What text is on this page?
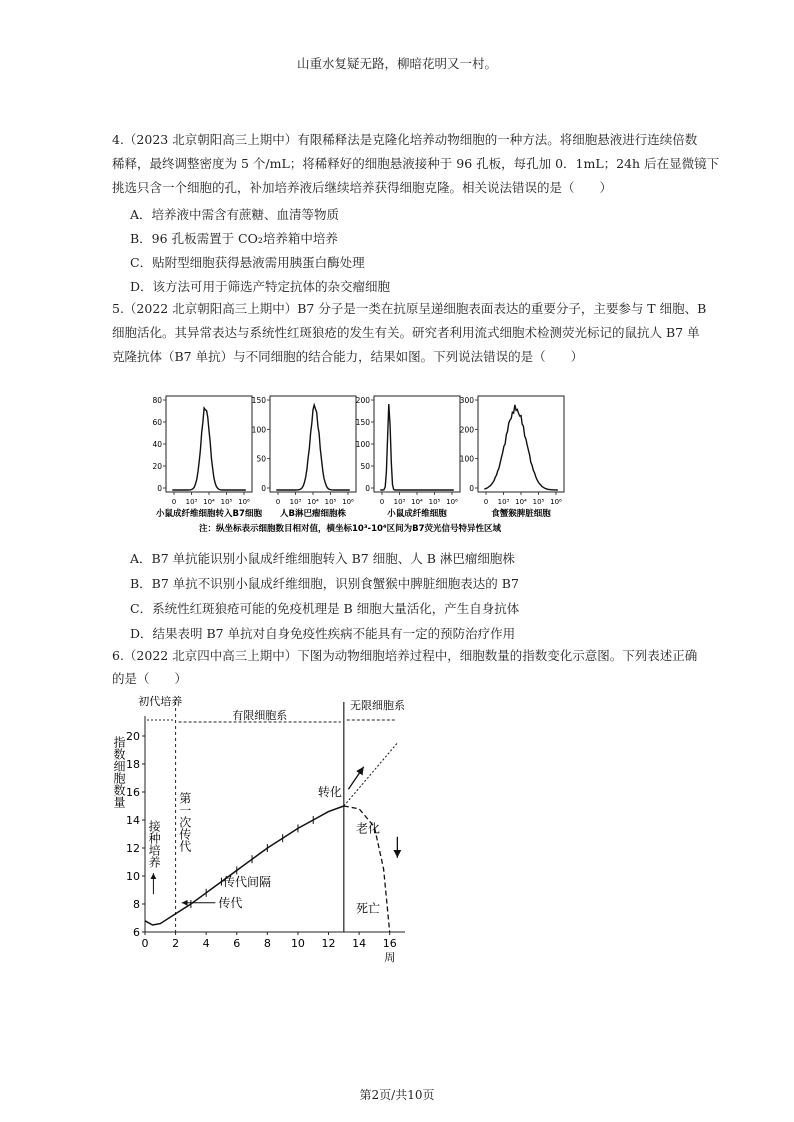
山重水复疑无路，柳暗花明又一村。
4.（2023 北京朝阳高三上期中）有限稀释法是克隆化培养动物细胞的一种方法。将细胞悬液进行连续倍数
稀释，最终调整密度为 5 个/mL；将稀释好的细胞悬液接种于 96 孔板，每孔加 0．1mL；24h 后在显微镜下
挑选只含一个细胞的孔，补加培养液后继续培养获得细胞克隆。相关说法错误的是（　　）
A．培养液中需含有蔗糖、血清等物质
B．96 孔板需置于 CO₂培养箱中培养
C．贴附型细胞获得悬液需用胰蛋白酶处理
D．该方法可用于筛选产特定抗体的杂交瘤细胞
5.（2022 北京朝阳高三上期中）B7 分子是一类在抗原呈递细胞表面表达的重要分子，主要参与 T 细胞、B
细胞活化。其异常表达与系统性红斑狼疮的发生有关。研究者利用流式细胞术检测荧光标记的鼠抗人 B7 单
克隆抗体（B7 单抗）与不同细胞的结合能力，结果如图。下列说法错误的是（　　）
80
60
40
20
0
0 10³ 10⁴ 10⁵ 10⁶
小鼠成纤维细胞转入B7细胞
150
100
50
0
0 10³ 10⁴ 10⁵ 10⁶
人B淋巴瘤细胞株
200
150
100
50
0
0 10³ 10⁴ 10⁵ 10⁶
小鼠成纤维细胞
300
200
100
0
0 10³ 10⁴ 10⁵ 10⁶
食蟹猴脾脏细胞
注：纵坐标表示细胞数目相对值，横坐标10³-10⁴区间为B7荧光信号特异性区域
A．B7 单抗能识别小鼠成纤维细胞转入 B7 细胞、人 B 淋巴瘤细胞株
B．B7 单抗不识别小鼠成纤维细胞，识别食蟹猴中脾脏细胞表达的 B7
C．系统性红斑狼疮可能的免疫机理是 B 细胞大量活化，产生自身抗体
D．结果表明 B7 单抗对自身免疫性疾病不能具有一定的预防治疗作用
6.（2022 北京四中高三上期中）下图为动物细胞培养过程中，细胞数量的指数变化示意图。下列表述正确
的是（　　）
6
8
10
12
14
16
18
20
0 2 4 6 8 10 12 14 16
指数细胞数量
周
初代培养
有限细胞系
无限细胞系
接种培养 第一次传代
传代
传代间隔
转化
老化
死亡
第2页/共10页
